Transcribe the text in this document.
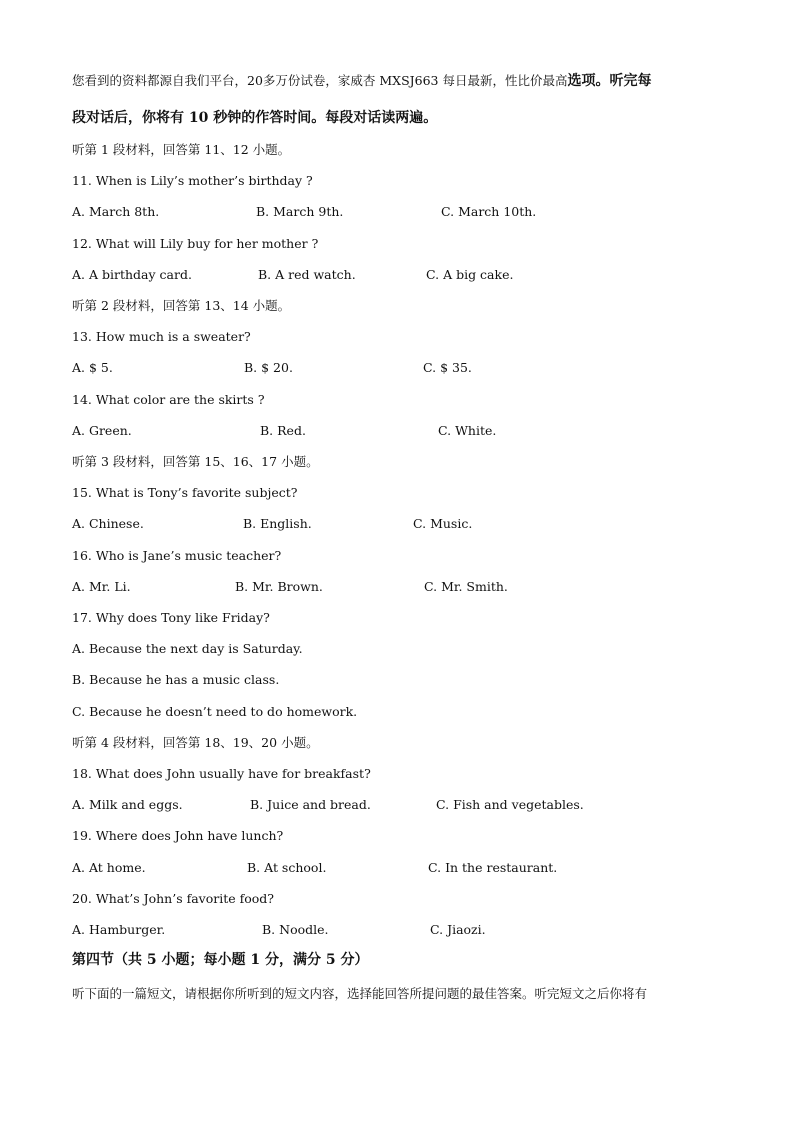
您看到的资料都源自我们平台，20多万份试卷，家威杏 MXSJ663 每日最新，性比价最高选项。听完每
段对话后，你将有 10 秒钟的作答时间。每段对话读两遍。
听第 1 段材料，回答第 11、12 小题。
11. When is Lily’s mother’s birthday ?
A. March 8th.	B. March 9th.	C. March 10th.
12. What will Lily buy for her mother ?
A. A birthday card.	B. A red watch.	C. A big cake.
听第 2 段材料，回答第 13、14 小题。
13. How much is a sweater?
A. $ 5.	B. $ 20.	C. $ 35.
14. What color are the skirts ?
A. Green.	B. Red.	C. White.
听第 3 段材料，回答第 15、16、17 小题。
15. What is Tony’s favorite subject?
A. Chinese.	B. English.	C. Music.
16. Who is Jane’s music teacher?
A. Mr. Li.	B. Mr. Brown.	C. Mr. Smith.
17. Why does Tony like Friday?
A. Because the next day is Saturday.
B. Because he has a music class.
C. Because he doesn’t need to do homework.
听第 4 段材料，回答第 18、19、20 小题。
18. What does John usually have for breakfast?
A. Milk and eggs.	B. Juice and bread.	C. Fish and vegetables.
19. Where does John have lunch?
A. At home.	B. At school.	C. In the restaurant.
20. What’s John’s favorite food?
A. Hamburger.	B. Noodle.	C. Jiaozi.
第四节（共 5 小题；每小题 1 分，满分 5 分）
听下面的一篇短文，请根据你所听到的短文内容，选择能回答所提问题的最佳答案。听完短文之后你将有
